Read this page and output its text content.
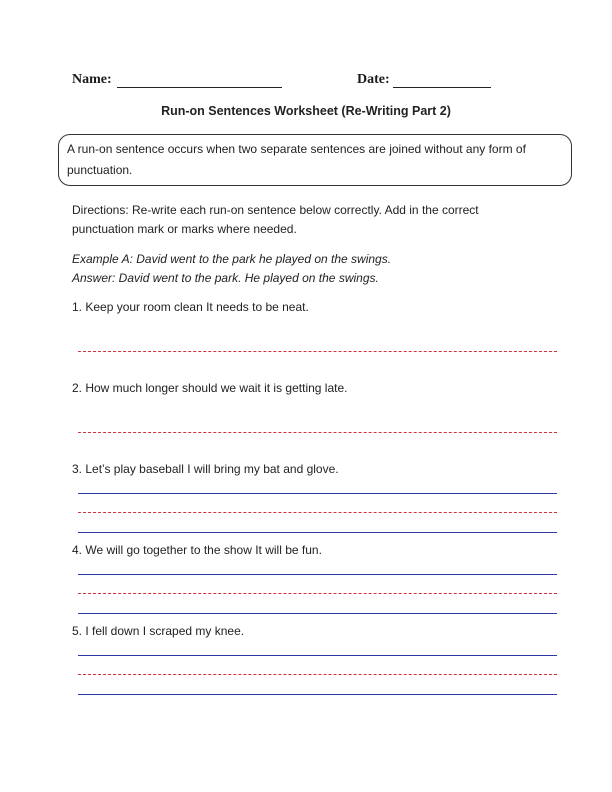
Name:	Date:
Run-on Sentences Worksheet (Re-Writing Part 2)
A run-on sentence occurs when two separate sentences are joined without any form of punctuation.
Directions: Re-write each run-on sentence below correctly. Add in the correct punctuation mark or marks where needed.
Example A: David went to the park he played on the swings.
Answer: David went to the park. He played on the swings.
1. Keep your room clean It needs to be neat.
2. How much longer should we wait it is getting late.
3. Let’s play baseball I will bring my bat and glove.
4. We will go together to the show It will be fun.
5. I fell down I scraped my knee.
